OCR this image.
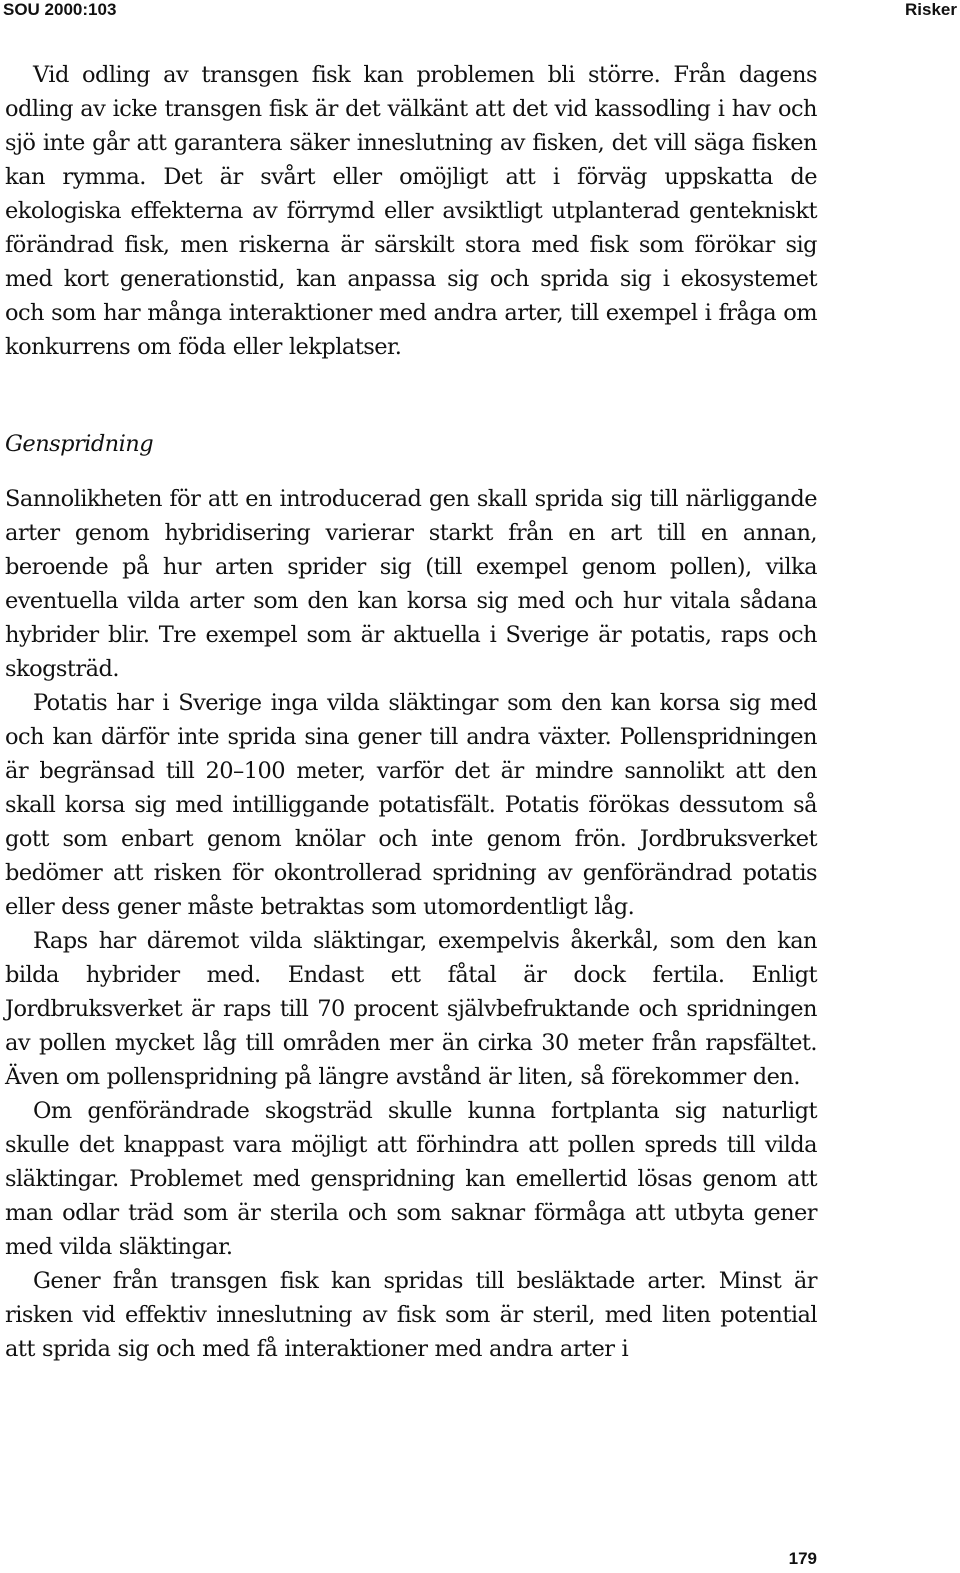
SOU 2000:103	Risker

Vid odling av transgen fisk kan problemen bli större. Från dagens odling av icke transgen fisk är det välkänt att det vid kassodling i hav och sjö inte går att garantera säker inneslutning av fisken, det vill säga fisken kan rymma. Det är svårt eller omöjligt att i förväg uppskatta de ekologiska effekterna av förrymd eller avsiktligt utplanterad gentekniskt förändrad fisk, men riskerna är särskilt stora med fisk som förökar sig med kort generationstid, kan anpassa sig och sprida sig i ekosystemet och som har många interaktioner med andra arter, till exempel i fråga om konkurrens om föda eller lekplatser.

Genspridning

Sannolikheten för att en introducerad gen skall sprida sig till närliggande arter genom hybridisering varierar starkt från en art till en annan, beroende på hur arten sprider sig (till exempel genom pollen), vilka eventuella vilda arter som den kan korsa sig med och hur vitala sådana hybrider blir. Tre exempel som är aktuella i Sverige är potatis, raps och skogsträd.

Potatis har i Sverige inga vilda släktingar som den kan korsa sig med och kan därför inte sprida sina gener till andra växter. Pollenspridningen är begränsad till 20–100 meter, varför det är mindre sannolikt att den skall korsa sig med intilliggande potatisfält. Potatis förökas dessutom så gott som enbart genom knölar och inte genom frön. Jordbruksverket bedömer att risken för okontrollerad spridning av genförändrad potatis eller dess gener måste betraktas som utomordentligt låg.

Raps har däremot vilda släktingar, exempelvis åkerkål, som den kan bilda hybrider med. Endast ett fåtal är dock fertila. Enligt Jordbruksverket är raps till 70 procent självbefruktande och spridningen av pollen mycket låg till områden mer än cirka 30 meter från rapsfältet. Även om pollenspridning på längre avstånd är liten, så förekommer den.

Om genförändrade skogsträd skulle kunna fortplanta sig naturligt skulle det knappast vara möjligt att förhindra att pollen spreds till vilda släktingar. Problemet med genspridning kan emellertid lösas genom att man odlar träd som är sterila och som saknar förmåga att utbyta gener med vilda släktingar.

Gener från transgen fisk kan spridas till besläktade arter. Minst är risken vid effektiv inneslutning av fisk som är steril, med liten potential att sprida sig och med få interaktioner med andra arter i

179
